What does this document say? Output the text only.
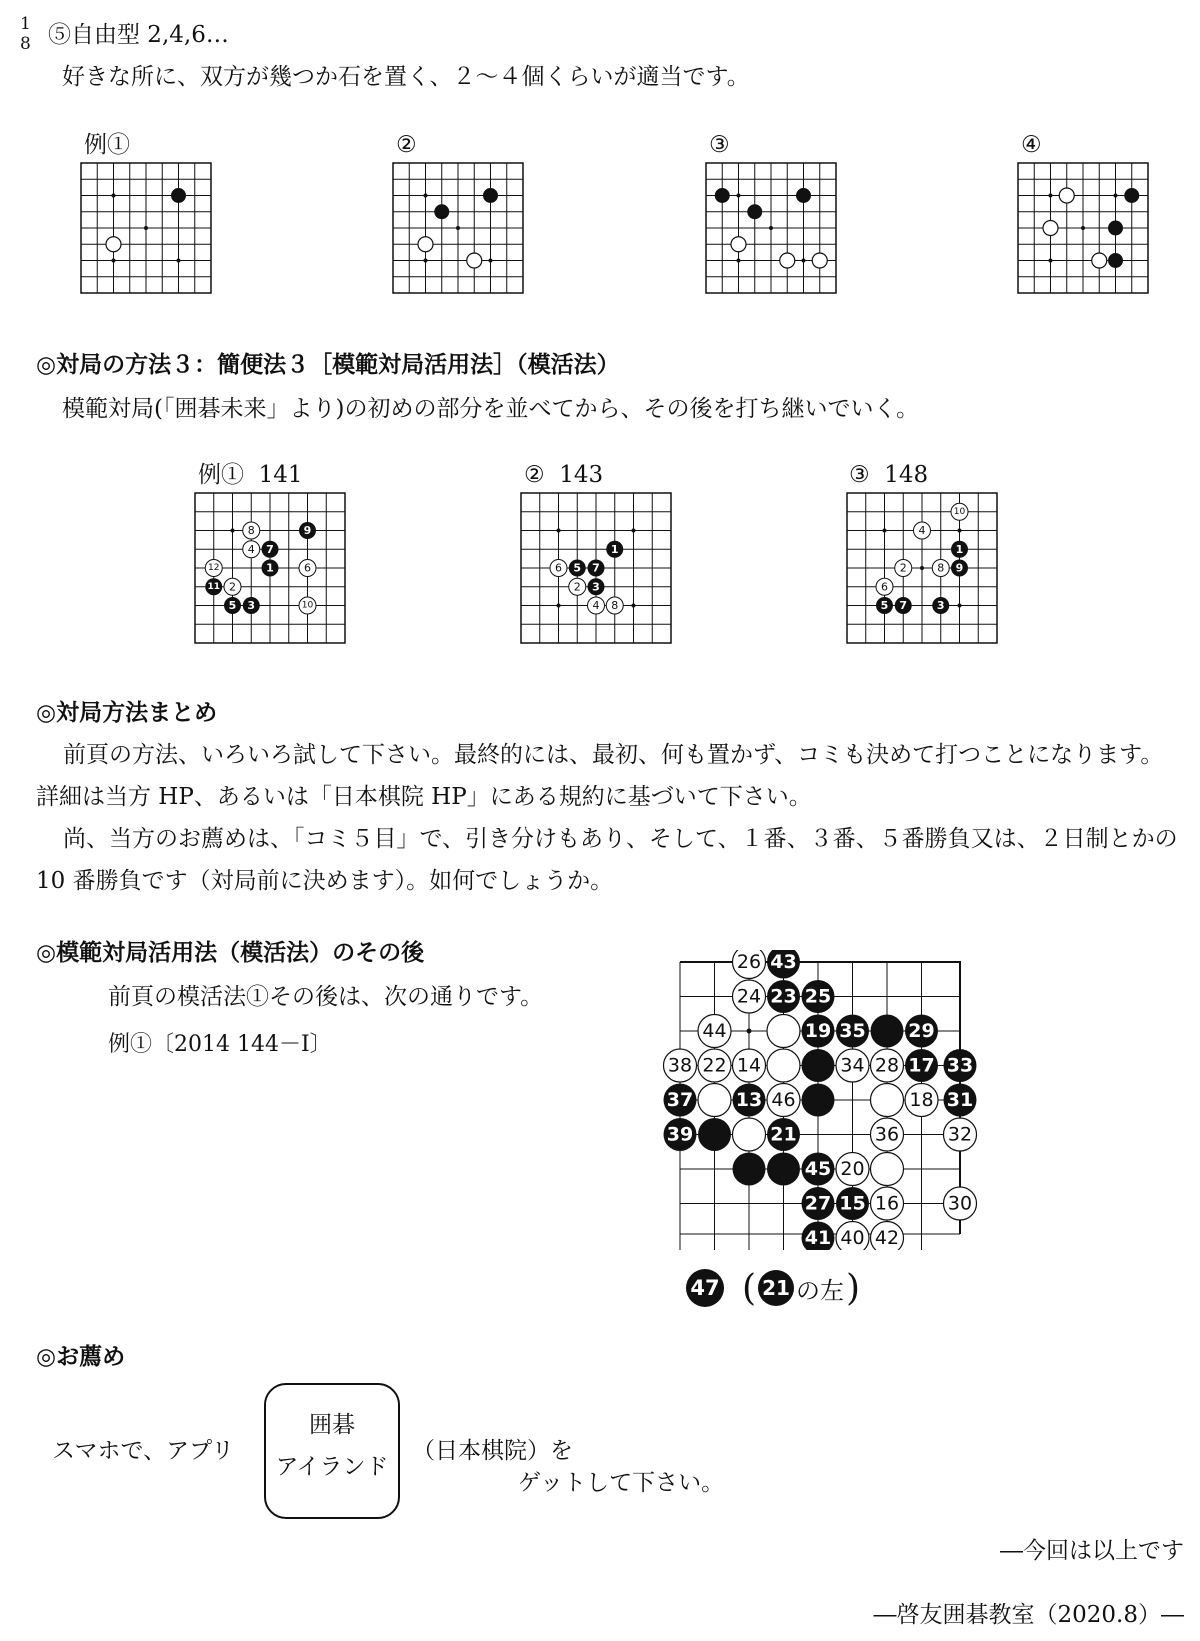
18 ⑤自由型 2,4,6…
好きな所に、双方が幾つか石を置く、２～４個くらいが適当です。
例①	②	③	④
◎対局の方法３：簡便法３［模範対局活用法］（模活法）
模範対局(「囲碁未来」より)の初めの部分を並べてから、その後を打ち継いでいく。
例① 141	② 143	③ 148
1
2
3
4
5
6
7
8	9
10
11
12
1
2 3
4
5
6	7
8
1
2
3
4
5
6
7
8 9
10
◎対局方法まとめ
前頁の方法、いろいろ試して下さい。最終的には、最初、何も置かず、コミも決めて打つことになります。詳細は当方 HP、あるいは「日本棋院 HP」にある規約に基づいて下さい。
尚、当方のお薦めは、「コミ５目」で、引き分けもあり、そして、１番、３番、５番勝負又は、２日制とかの 10 番勝負です（対局前に決めます）。如何でしょうか。
◎模範対局活用法（模活法）のその後
前頁の模活法①その後は、次の通りです。
例①〔2014 144－I〕
14
16
18
20
22
24
26
28
30
32
34
36
38
40 42
44
46
13
15
17
19
21
23 25
27
29
31
33
35
37
39
41
43
45
47 ( 21 の左 )
◎お薦め
スマホで、アプリ
囲碁
アイランド
（日本棋院）を
ゲットして下さい。
―今回は以上です
―啓友囲碁教室（2020.8）―
